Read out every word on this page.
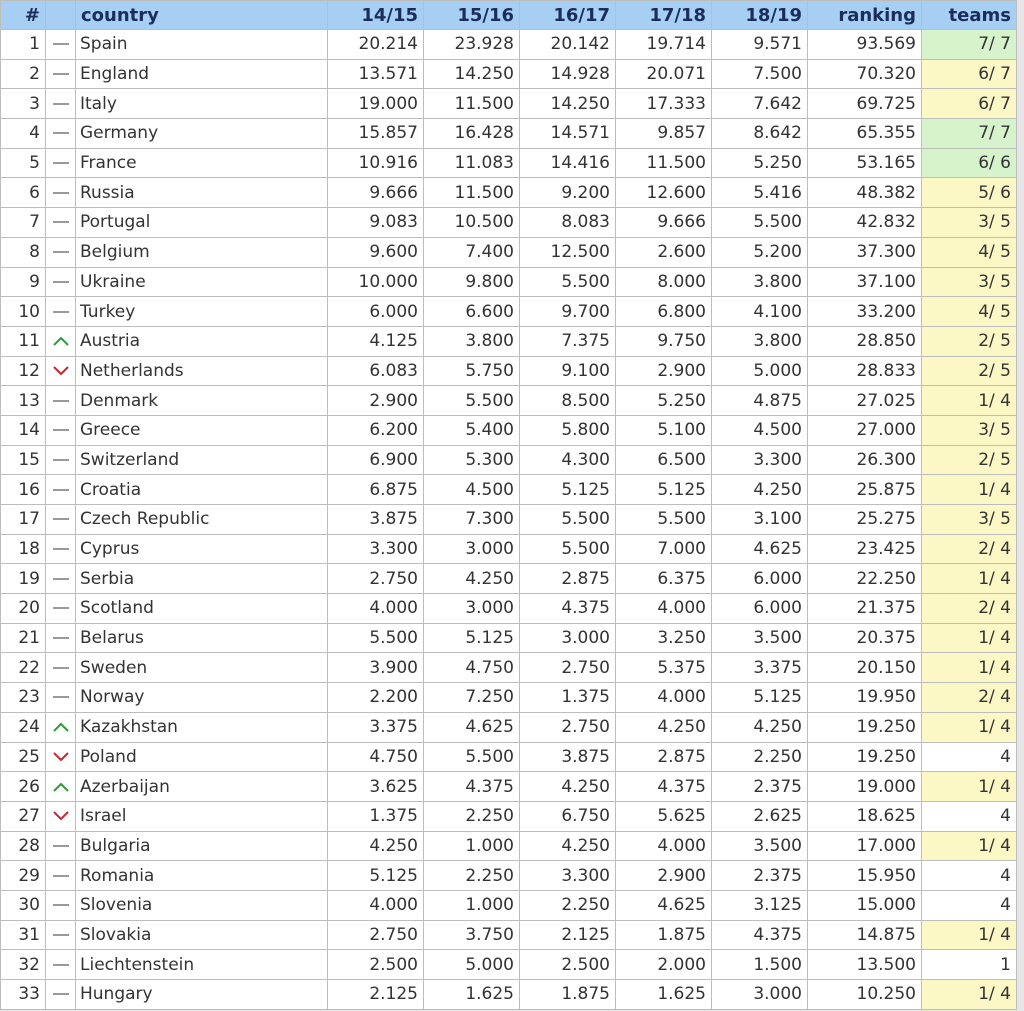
#		country	14/15	15/16	16/17	17/18	18/19	ranking	teams
1		Spain	20.214	23.928	20.142	19.714	9.571	93.569	7/ 7
2		England	13.571	14.250	14.928	20.071	7.500	70.320	6/ 7
3		Italy	19.000	11.500	14.250	17.333	7.642	69.725	6/ 7
4		Germany	15.857	16.428	14.571	9.857	8.642	65.355	7/ 7
5		France	10.916	11.083	14.416	11.500	5.250	53.165	6/ 6
6		Russia	9.666	11.500	9.200	12.600	5.416	48.382	5/ 6
7		Portugal	9.083	10.500	8.083	9.666	5.500	42.832	3/ 5
8		Belgium	9.600	7.400	12.500	2.600	5.200	37.300	4/ 5
9		Ukraine	10.000	9.800	5.500	8.000	3.800	37.100	3/ 5
10		Turkey	6.000	6.600	9.700	6.800	4.100	33.200	4/ 5
11		Austria	4.125	3.800	7.375	9.750	3.800	28.850	2/ 5
12		Netherlands	6.083	5.750	9.100	2.900	5.000	28.833	2/ 5
13		Denmark	2.900	5.500	8.500	5.250	4.875	27.025	1/ 4
14		Greece	6.200	5.400	5.800	5.100	4.500	27.000	3/ 5
15		Switzerland	6.900	5.300	4.300	6.500	3.300	26.300	2/ 5
16		Croatia	6.875	4.500	5.125	5.125	4.250	25.875	1/ 4
17		Czech Republic	3.875	7.300	5.500	5.500	3.100	25.275	3/ 5
18		Cyprus	3.300	3.000	5.500	7.000	4.625	23.425	2/ 4
19		Serbia	2.750	4.250	2.875	6.375	6.000	22.250	1/ 4
20		Scotland	4.000	3.000	4.375	4.000	6.000	21.375	2/ 4
21		Belarus	5.500	5.125	3.000	3.250	3.500	20.375	1/ 4
22		Sweden	3.900	4.750	2.750	5.375	3.375	20.150	1/ 4
23		Norway	2.200	7.250	1.375	4.000	5.125	19.950	2/ 4
24		Kazakhstan	3.375	4.625	2.750	4.250	4.250	19.250	1/ 4
25		Poland	4.750	5.500	3.875	2.875	2.250	19.250	4
26		Azerbaijan	3.625	4.375	4.250	4.375	2.375	19.000	1/ 4
27		Israel	1.375	2.250	6.750	5.625	2.625	18.625	4
28		Bulgaria	4.250	1.000	4.250	4.000	3.500	17.000	1/ 4
29		Romania	5.125	2.250	3.300	2.900	2.375	15.950	4
30		Slovenia	4.000	1.000	2.250	4.625	3.125	15.000	4
31		Slovakia	2.750	3.750	2.125	1.875	4.375	14.875	1/ 4
32		Liechtenstein	2.500	5.000	2.500	2.000	1.500	13.500	1
33		Hungary	2.125	1.625	1.875	1.625	3.000	10.250	1/ 4
